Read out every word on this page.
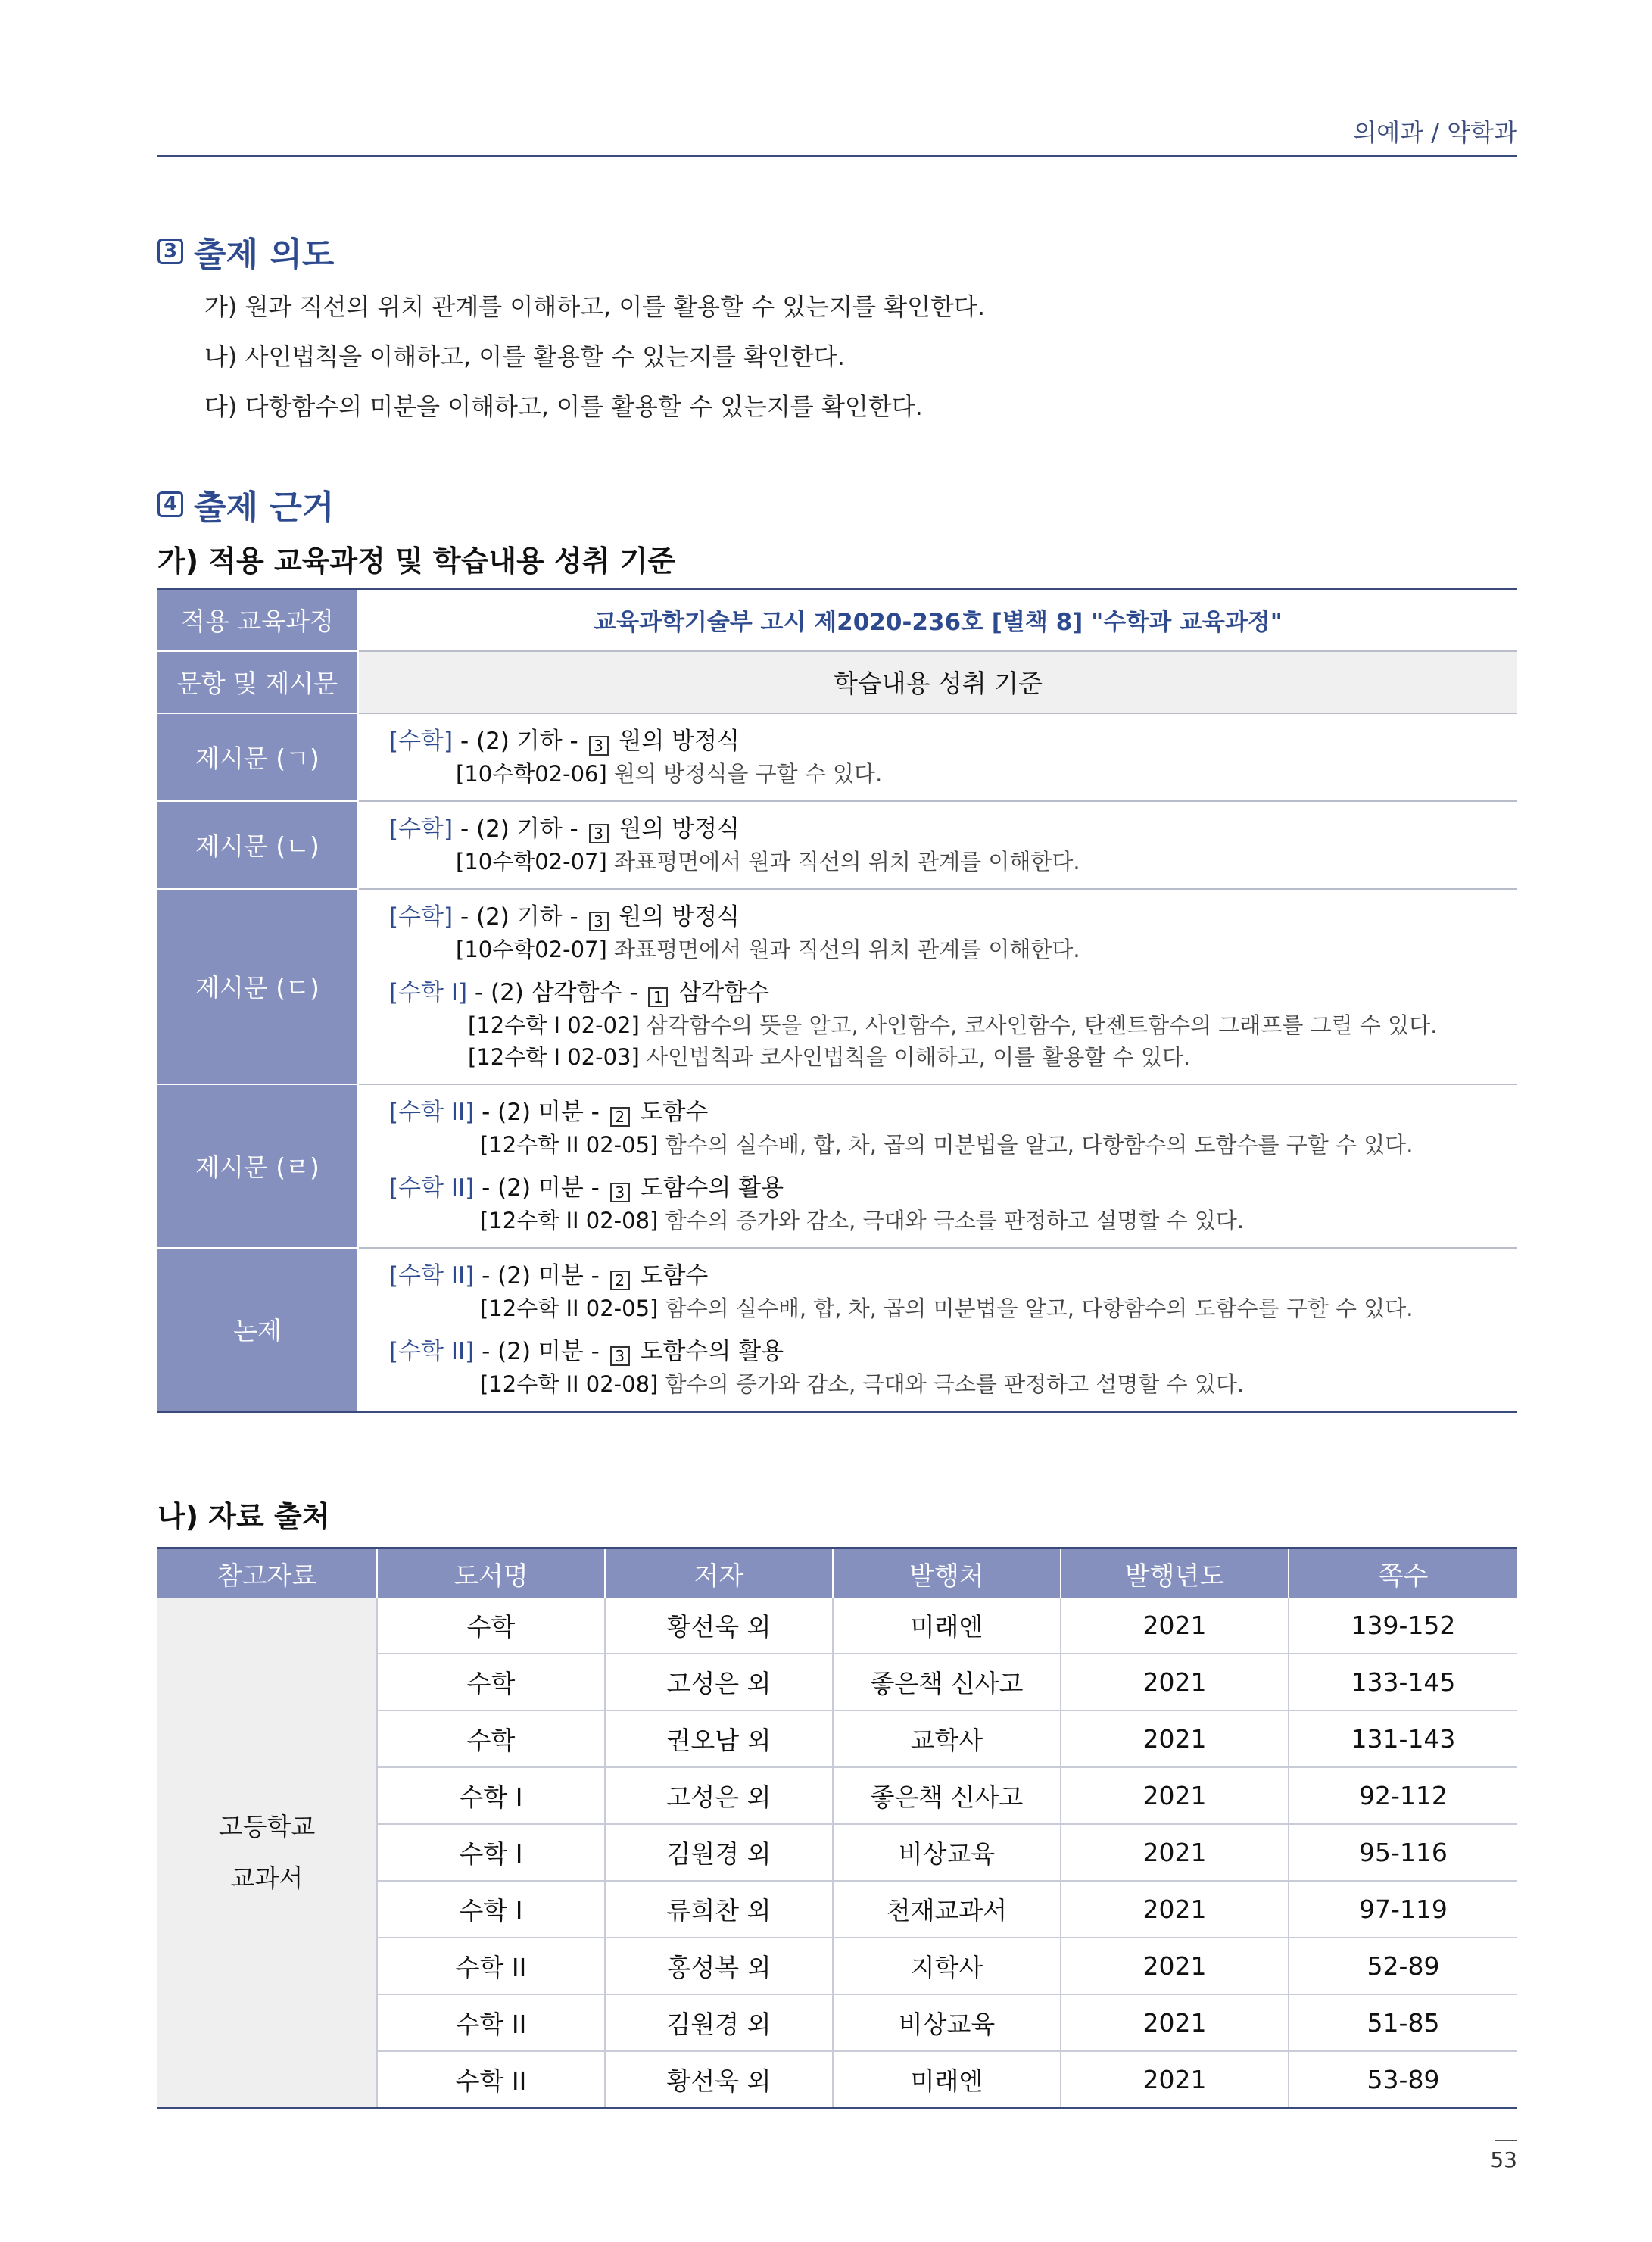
의예과 / 약학과
3 출제 의도
가) 원과 직선의 위치 관계를 이해하고, 이를 활용할 수 있는지를 확인한다.
나) 사인법칙을 이해하고, 이를 활용할 수 있는지를 확인한다.
다) 다항함수의 미분을 이해하고, 이를 활용할 수 있는지를 확인한다.
4 출제 근거
가) 적용 교육과정 및 학습내용 성취 기준
적용 교육과정	교육과학기술부 고시 제2020-236호 [별책 8] "수학과 교육과정"
문항 및 제시문	학습내용 성취 기준
제시문 (ㄱ)	[수학] - (2) 기하 - 3 원의 방정식
[10수학02-06] 원의 방정식을 구할 수 있다.

제시문 (ㄴ)	[수학] - (2) 기하 - 3 원의 방정식
[10수학02-07] 좌표평면에서 원과 직선의 위치 관계를 이해한다.

제시문 (ㄷ)	[수학] - (2) 기하 - 3 원의 방정식
[10수학02-07] 좌표평면에서 원과 직선의 위치 관계를 이해한다.
[수학 I] - (2) 삼각함수 - 1 삼각함수
[12수학 I 02-02] 삼각함수의 뜻을 알고, 사인함수, 코사인함수, 탄젠트함수의 그래프를 그릴 수 있다.
[12수학 I 02-03] 사인법칙과 코사인법칙을 이해하고, 이를 활용할 수 있다.

제시문 (ㄹ)	[수학 II] - (2) 미분 - 2 도함수
[12수학 II 02-05] 함수의 실수배, 합, 차, 곱의 미분법을 알고, 다항함수의 도함수를 구할 수 있다.
[수학 II] - (2) 미분 - 3 도함수의 활용
[12수학 II 02-08] 함수의 증가와 감소, 극대와 극소를 판정하고 설명할 수 있다.

논제	[수학 II] - (2) 미분 - 2 도함수
[12수학 II 02-05] 함수의 실수배, 합, 차, 곱의 미분법을 알고, 다항함수의 도함수를 구할 수 있다.
[수학 II] - (2) 미분 - 3 도함수의 활용
[12수학 II 02-08] 함수의 증가와 감소, 극대와 극소를 판정하고 설명할 수 있다.
나) 자료 출처
참고자료	도서명	저자	발행처	발행년도	쪽수

고등학교
교과서	수학	황선욱 외	미래엔	2021	139-152
	수학	고성은 외	좋은책 신사고	2021	133-145
	수학	권오남 외	교학사	2021	131-143
	수학 I	고성은 외	좋은책 신사고	2021	92-112
	수학 I	김원경 외	비상교육	2021	95-116
	수학 I	류희찬 외	천재교과서	2021	97-119
	수학 II	홍성복 외	지학사	2021	52-89
	수학 II	김원경 외	비상교육	2021	51-85
	수학 II	황선욱 외	미래엔	2021	53-89
53
